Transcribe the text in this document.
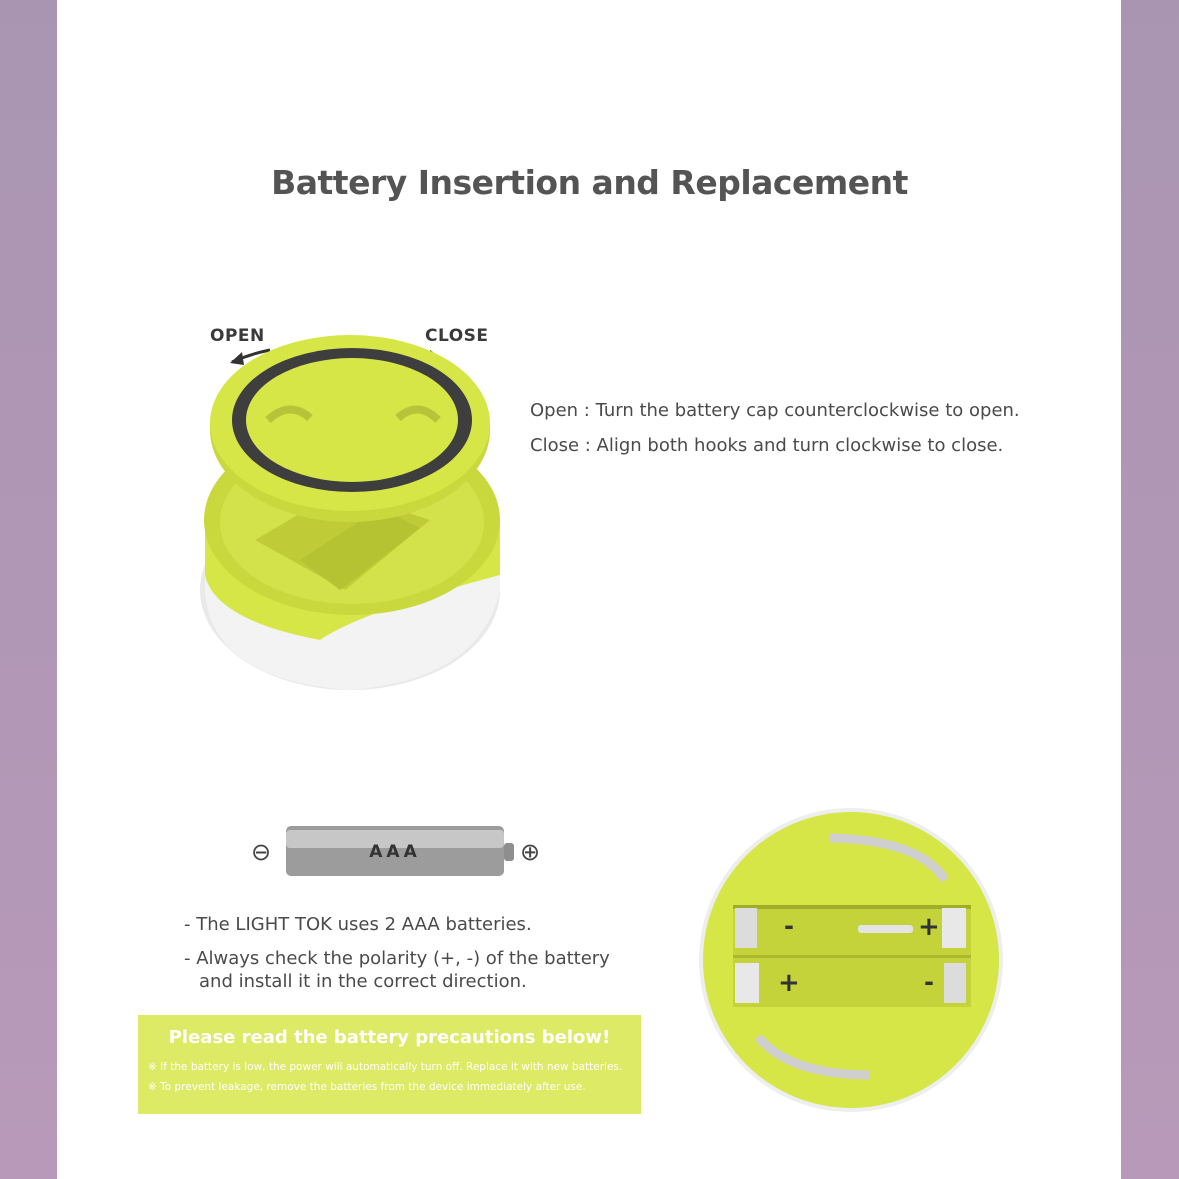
Battery Insertion and Replacement
OPEN	CLOSE
Open : Turn the battery cap counterclockwise to open.
Close : Align both hooks and turn clockwise to close.
⊖	⊕
AAA
- The LIGHT TOK uses 2 AAA batteries.
- Always check the polarity (+, -) of the battery
and install it in the correct direction.
Please read the battery precautions below!
※ If the battery is low, the power will automatically turn off. Replace it with new batteries.
※ To prevent leakage, remove the batteries from the device immediately after use.
-	+
+	-
